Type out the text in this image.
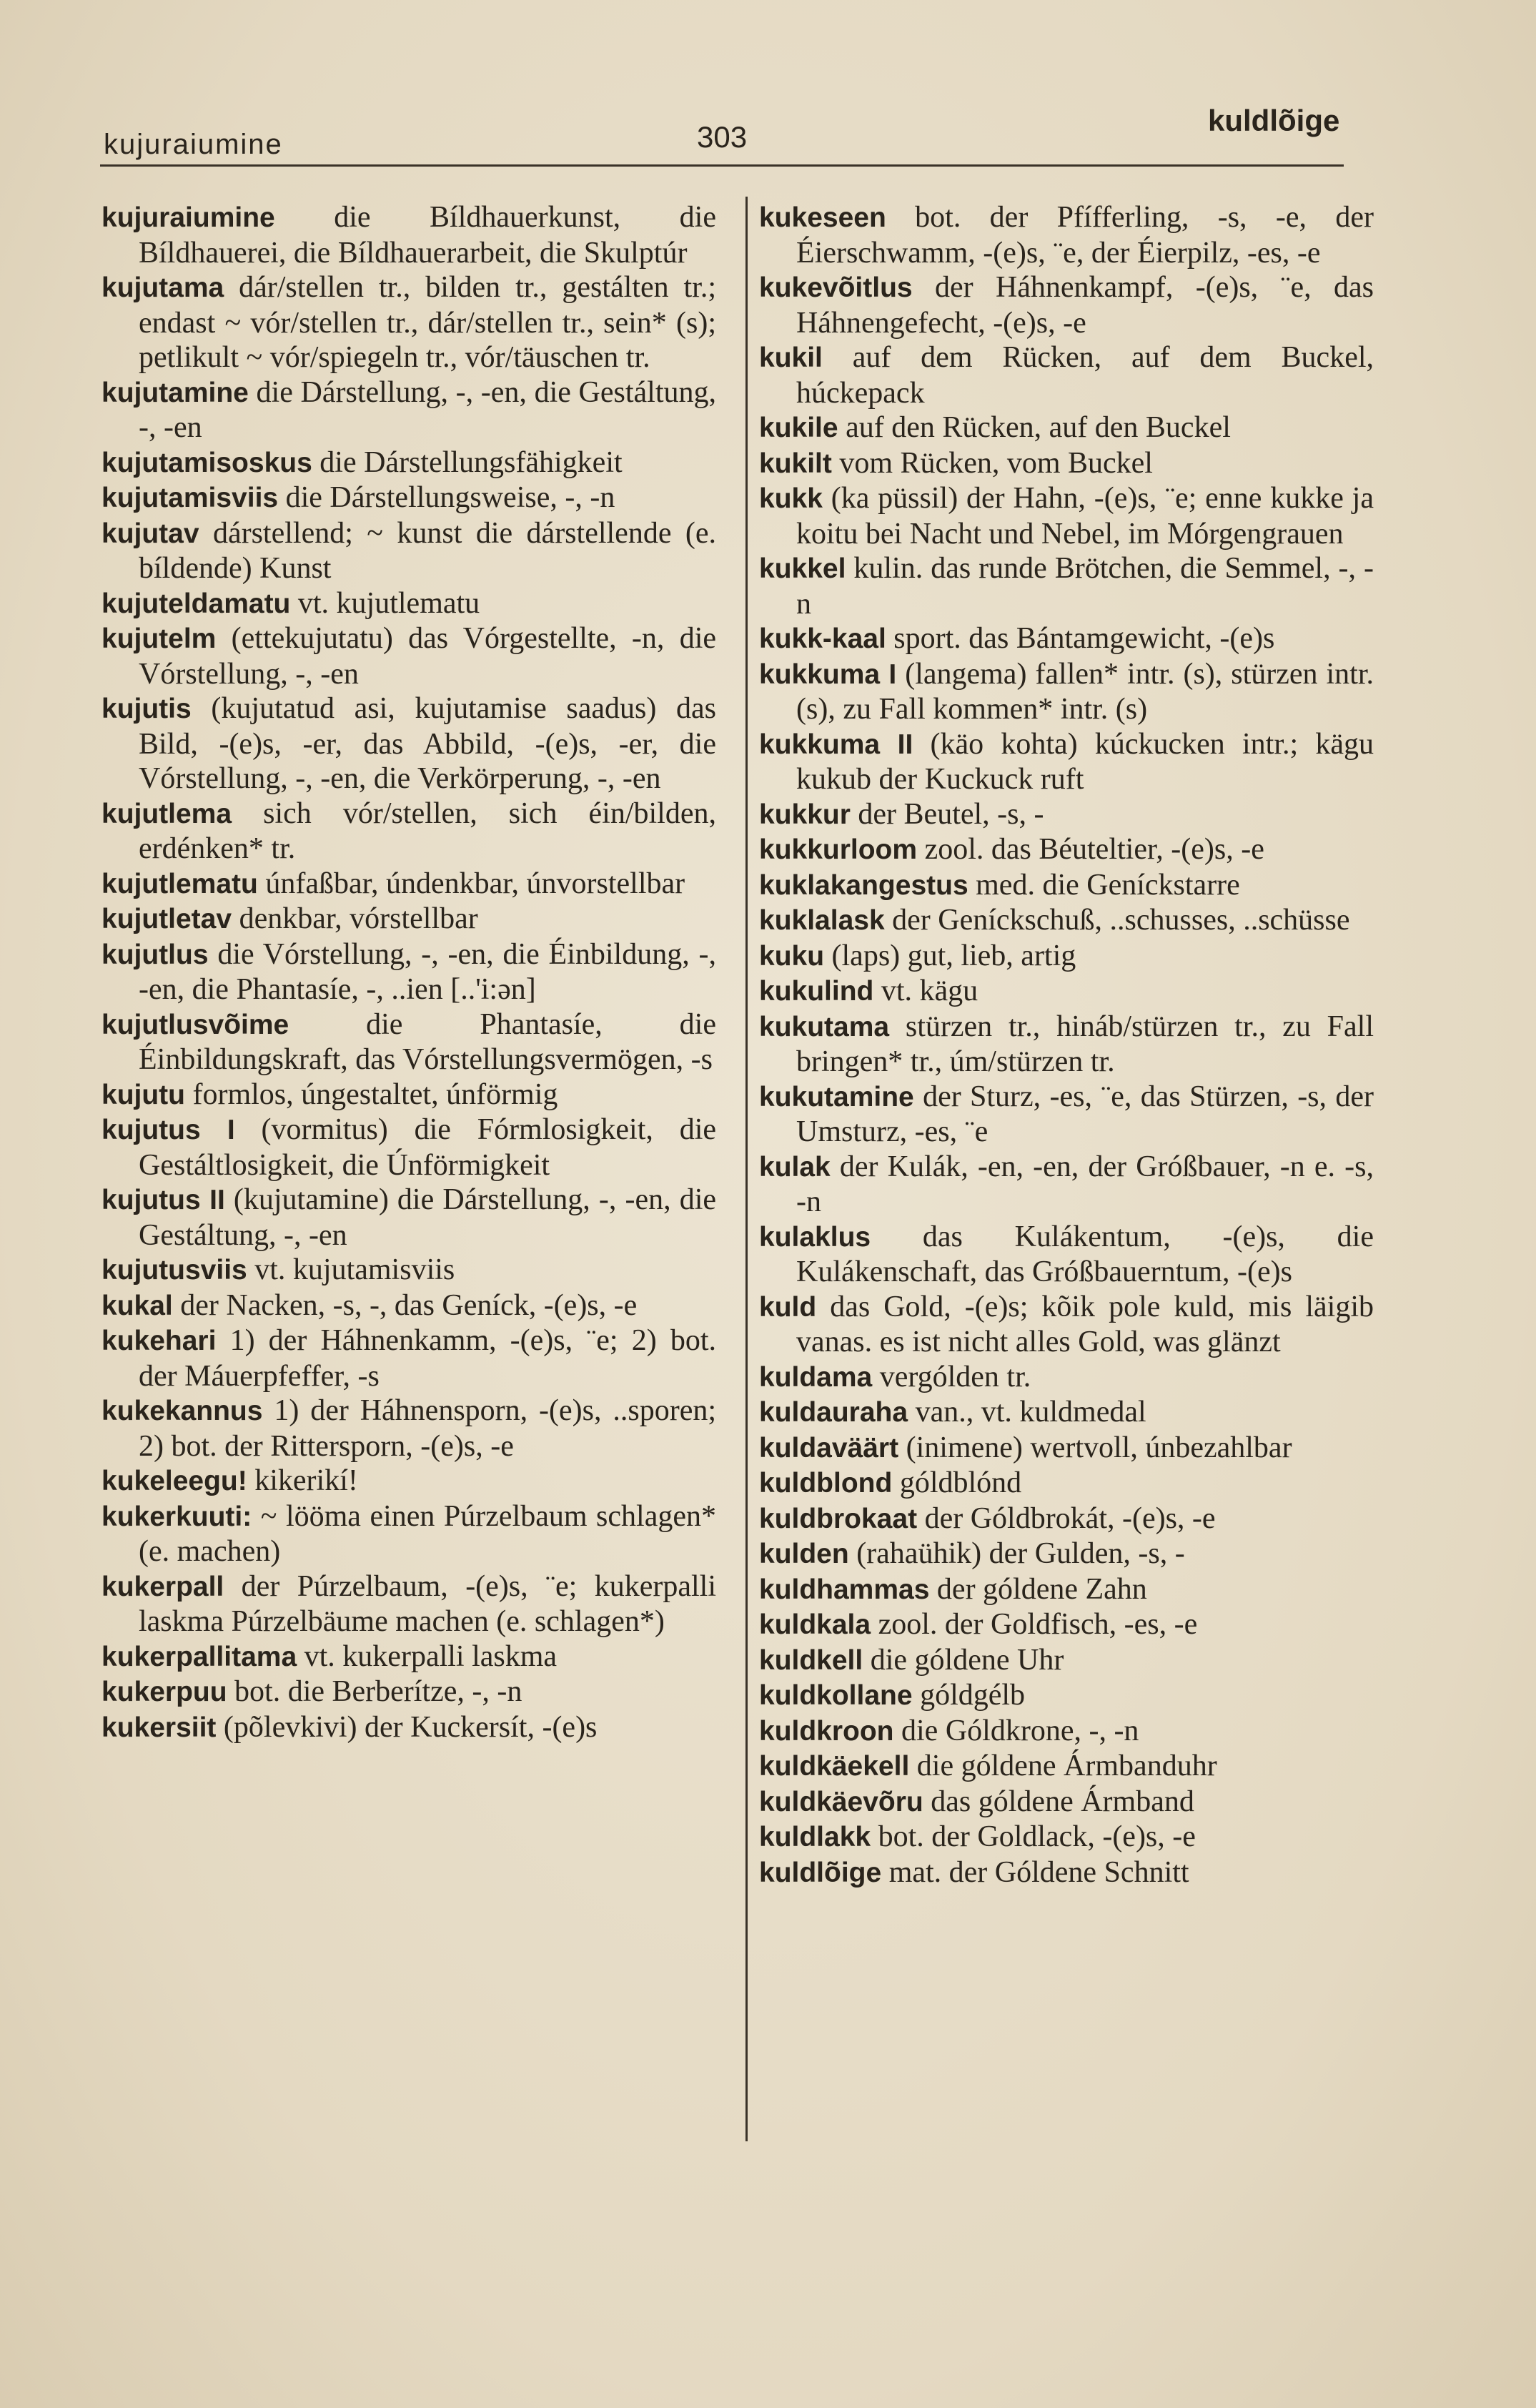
kujuraiumine	303	kuldlõige

kujuraiumine die Bíldhauerkunst, die Bíldhauerei, die Bíldhauerarbeit, die Skulptúr

kujutama dár/stellen tr., bilden tr., gestálten tr.; endast ~ vór/stellen tr., dár/stellen tr., sein* (s); petlikult ~ vór/spiegeln tr., vór/täuschen tr.

kujutamine die Dárstellung, -, -en, die Gestáltung, -, -en

kujutamisoskus die Dárstellungsfähigkeit

kujutamisviis die Dárstellungsweise, -, -n

kujutav dárstellend; ~ kunst die dárstellende (e. bíldende) Kunst

kujuteldamatu vt. kujutlematu

kujutelm (ettekujutatu) das Vórgestellte, -n, die Vórstellung, -, -en

kujutis (kujutatud asi, kujutamise saadus) das Bild, -(e)s, -er, das Abbild, -(e)s, -er, die Vórstellung, -, -en, die Verkörperung, -, -en

kujutlema sich vór/stellen, sich éin/bilden, erdénken* tr.

kujutlematu únfaßbar, úndenkbar, únvorstellbar

kujutletav denkbar, vórstellbar

kujutlus die Vórstellung, -, -en, die Éinbildung, -, -en, die Phantasíe, -, ..ien [..'i:ən]

kujutlusvõime	die Phantasíe, die Éinbildungskraft, das Vórstellungsvermögen, -s

kujutu formlos, úngestaltet, únförmig

kujutus I (vormitus) die Fórmlosigkeit, die Gestáltlosigkeit, die Únförmigkeit

kujutus II (kujutamine) die Dárstellung, -, -en, die Gestáltung, -, -en

kujutusviis vt. kujutamisviis

kukal der Nacken, -s, -, das Geníck, -(e)s, -e

kukehari 1) der Háhnenkamm, -(e)s, ¨e; 2) bot. der Máuerpfeffer, -s

kukekannus 1) der Háhnensporn, -(e)s, ..sporen; 2) bot. der Rittersporn, -(e)s, -e

kukeleegu! kikerikí!

kukerkuuti: ~ lööma einen Púrzelbaum schlagen* (e. machen)

kukerpall der Púrzelbaum, -(e)s, ¨e; kukerpalli laskma Púrzelbäume machen (e. schlagen*)

kukerpallitama vt. kukerpalli laskma

kukerpuu bot. die Berberítze, -, -n

kukersiit (põlevkivi) der Kuckersít, -(e)s

kukeseen bot. der Pfífferling, -s, -e, der Éierschwamm, -(e)s, ¨e, der Éierpilz, -es, -e

kukevõitlus der Háhnenkampf, -(e)s, ¨e, das Háhnengefecht, -(e)s, -e

kukil auf dem Rücken, auf dem Buckel, húckepack

kukile auf den Rücken, auf den Buckel

kukilt vom Rücken, vom Buckel

kukk (ka püssil) der Hahn, -(e)s, ¨e; enne kukke ja koitu bei Nacht und Nebel, im Mórgengrauen

kukkel kulin. das runde Brötchen, die Semmel, -, -n

kukk-kaal sport. das Bántamgewicht, -(e)s

kukkuma I (langema) fallen* intr. (s), stürzen intr. (s), zu Fall kommen* intr. (s)

kukkuma II (käo kohta) kúckucken intr.; kägu kukub der Kuckuck ruft

kukkur der Beutel, -s, -

kukkurloom zool. das Béuteltier, -(e)s, -e

kuklakangestus med. die Geníckstarre

kuklalask der Geníckschuß, ..schusses, ..schüsse

kuku (laps) gut, lieb, artig

kukulind vt. kägu

kukutama stürzen tr., hináb/stürzen tr., zu Fall bringen* tr., úm/stürzen tr.

kukutamine der Sturz, -es, ¨e, das Stürzen, -s, der Umsturz, -es, ¨e

kulak der Kulák, -en, -en, der Gróßbauer, -n e. -s, -n

kulaklus das Kulákentum, -(e)s, die Kulákenschaft, das Gróßbauerntum, -(e)s

kuld das Gold, -(e)s; kõik pole kuld, mis läigib vanas. es ist nicht alles Gold, was glänzt

kuldama vergólden tr.

kuldauraha van., vt. kuldmedal

kuldaväärt (inimene) wertvoll, únbezahlbar

kuldblond góldblónd

kuldbrokaat der Góldbrokát, -(e)s, -e

kulden (rahaühik) der Gulden, -s, -

kuldhammas der góldene Zahn

kuldkala zool. der Goldfisch, -es, -e

kuldkell die góldene Uhr

kuldkollane góldgélb

kuldkroon die Góldkrone, -, -n

kuldkäekell die góldene Ármbanduhr

kuldkäevõru das góldene Ármband

kuldlakk bot. der Goldlack, -(e)s, -e

kuldlõige mat. der Góldene Schnitt
